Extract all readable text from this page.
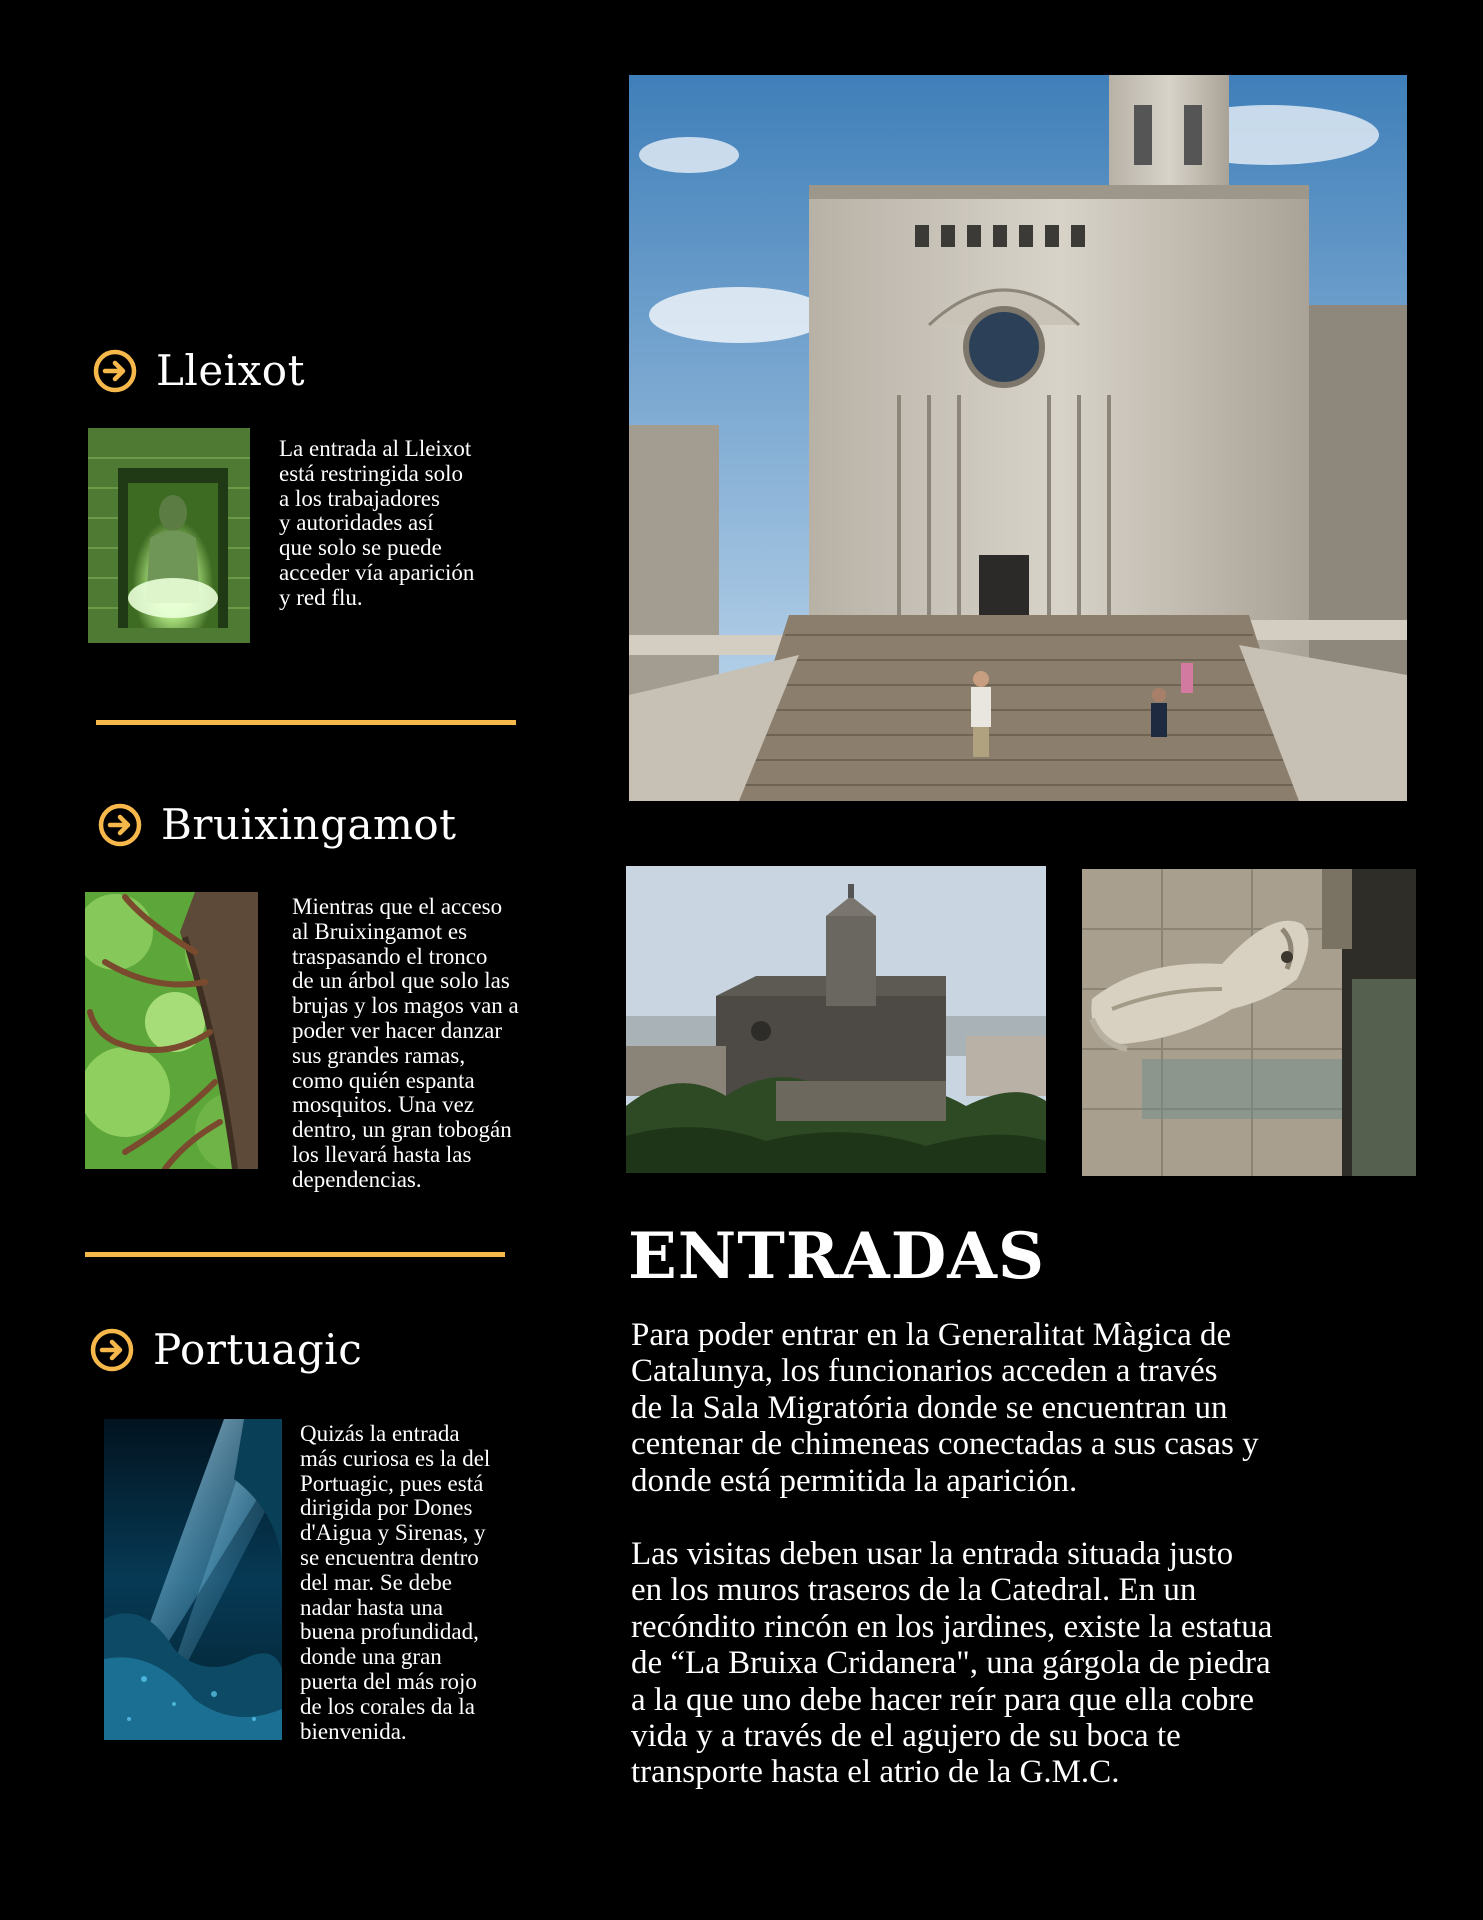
Lleixot
La entrada al Lleixot
está restringida solo
a los trabajadores
y autoridades así
que solo se puede
acceder vía aparición
y red flu.
Bruixingamot
Mientras que el acceso
al Bruixingamot es
traspasando el tronco
de un árbol que solo las
brujas y los magos van a
poder ver hacer danzar
sus grandes ramas,
como quién espanta
mosquitos. Una vez
dentro, un gran tobogán
los llevará hasta las
dependencias.
Portuagic
Quizás la entrada
más curiosa es la del
Portuagic, pues está
dirigida por Dones
d'Aigua y Sirenas, y
se encuentra dentro
del mar. Se debe
nadar hasta una
buena profundidad,
donde una gran
puerta del más rojo
de los corales da la
bienvenida.
ENTRADAS
Para poder entrar en la Generalitat Màgica de
Catalunya, los funcionarios acceden a través
de la Sala Migratória donde se encuentran un
centenar de chimeneas conectadas a sus casas y
donde está permitida la aparición.
Las visitas deben usar la entrada situada justo
en los muros traseros de la Catedral. En un
recóndito rincón en los jardines, existe la estatua
de “La Bruixa Cridanera", una gárgola de piedra
a la que uno debe hacer reír para que ella cobre
vida y a través de el agujero de su boca te
transporte hasta el atrio de la G.M.C.
